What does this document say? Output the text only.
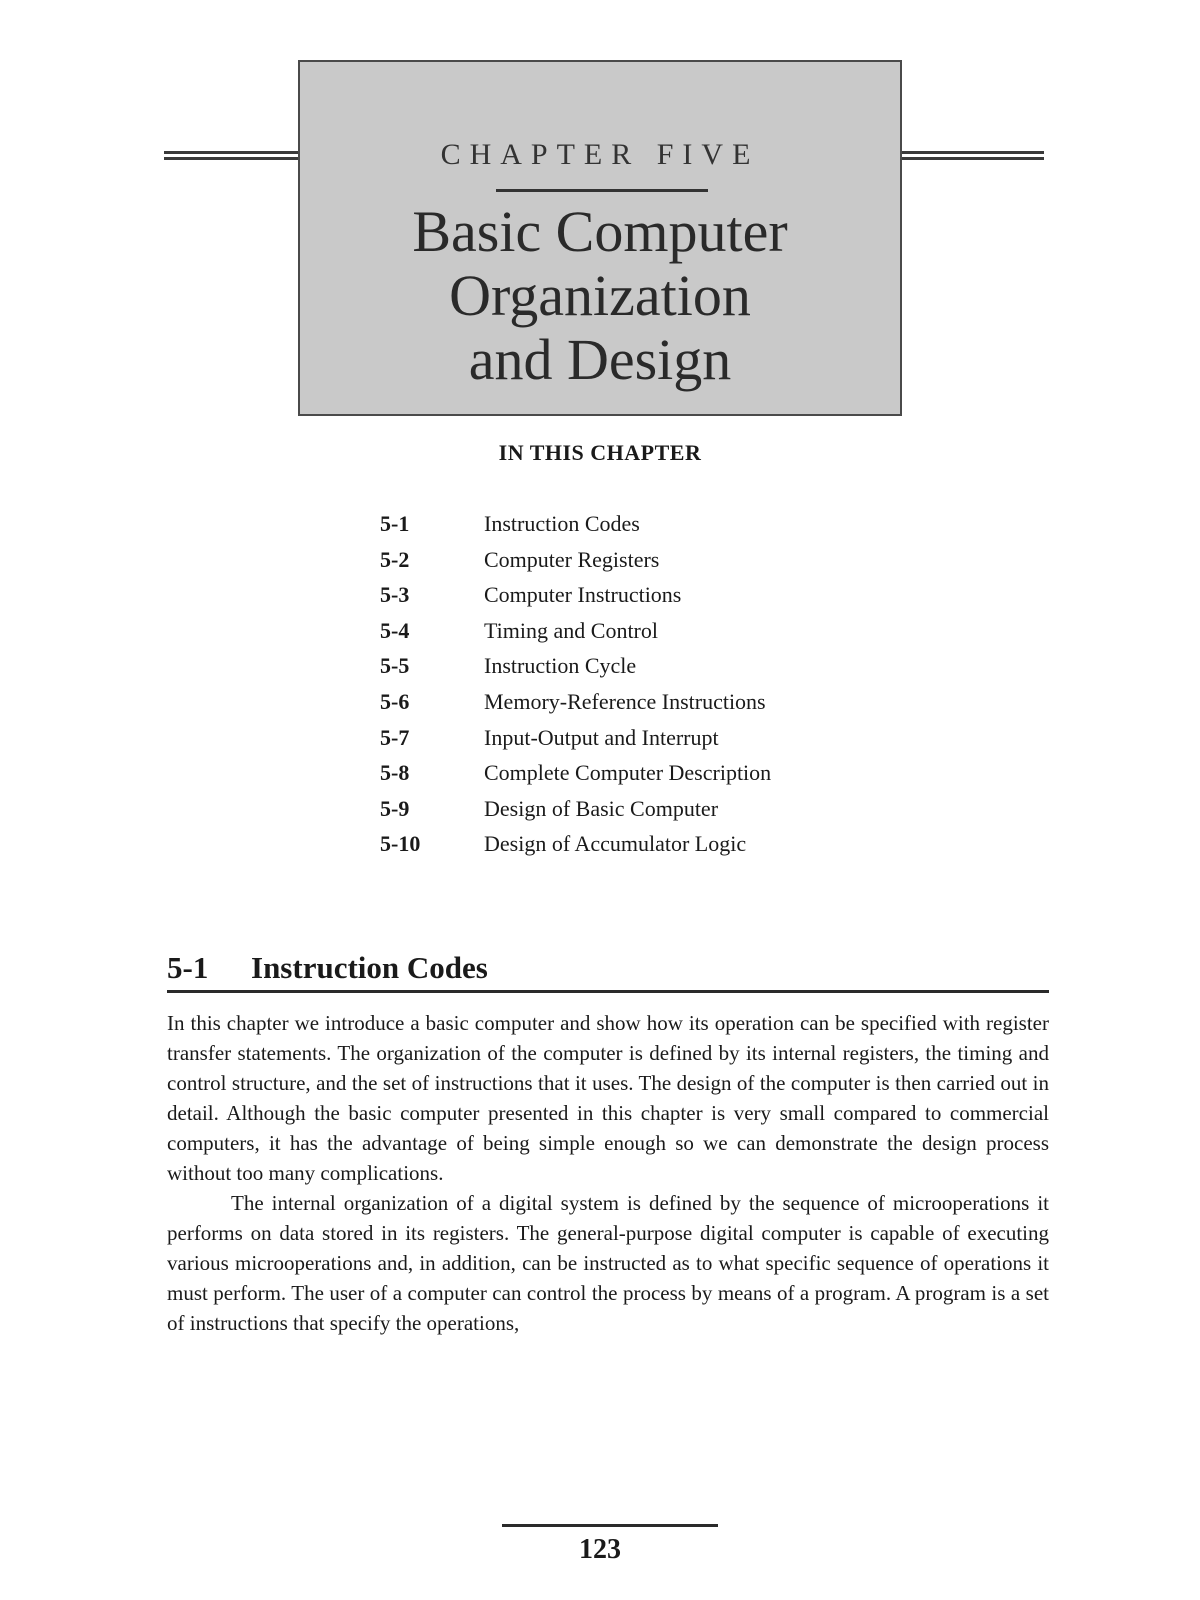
CHAPTER FIVE
Basic Computer
Organization
and Design
IN THIS CHAPTER
5-1	Instruction Codes
5-2	Computer Registers
5-3	Computer Instructions
5-4	Timing and Control
5-5	Instruction Cycle
5-6	Memory-Reference Instructions
5-7	Input-Output and Interrupt
5-8	Complete Computer Description
5-9	Design of Basic Computer
5-10	Design of Accumulator Logic
5-1 Instruction Codes

In this chapter we introduce a basic computer and show how its operation can be specified with register transfer statements. The organization of the computer is defined by its internal registers, the timing and control structure, and the set of instructions that it uses. The design of the computer is then carried out in detail. Although the basic computer presented in this chapter is very small compared to commercial computers, it has the advantage of being simple enough so we can demonstrate the design process without too many complications.

The internal organization of a digital system is defined by the sequence of microoperations it performs on data stored in its registers. The general-purpose digital computer is capable of executing various microoperations and, in addition, can be instructed as to what specific sequence of operations it must perform. The user of a computer can control the process by means of a program. A program is a set of instructions that specify the operations,

123
